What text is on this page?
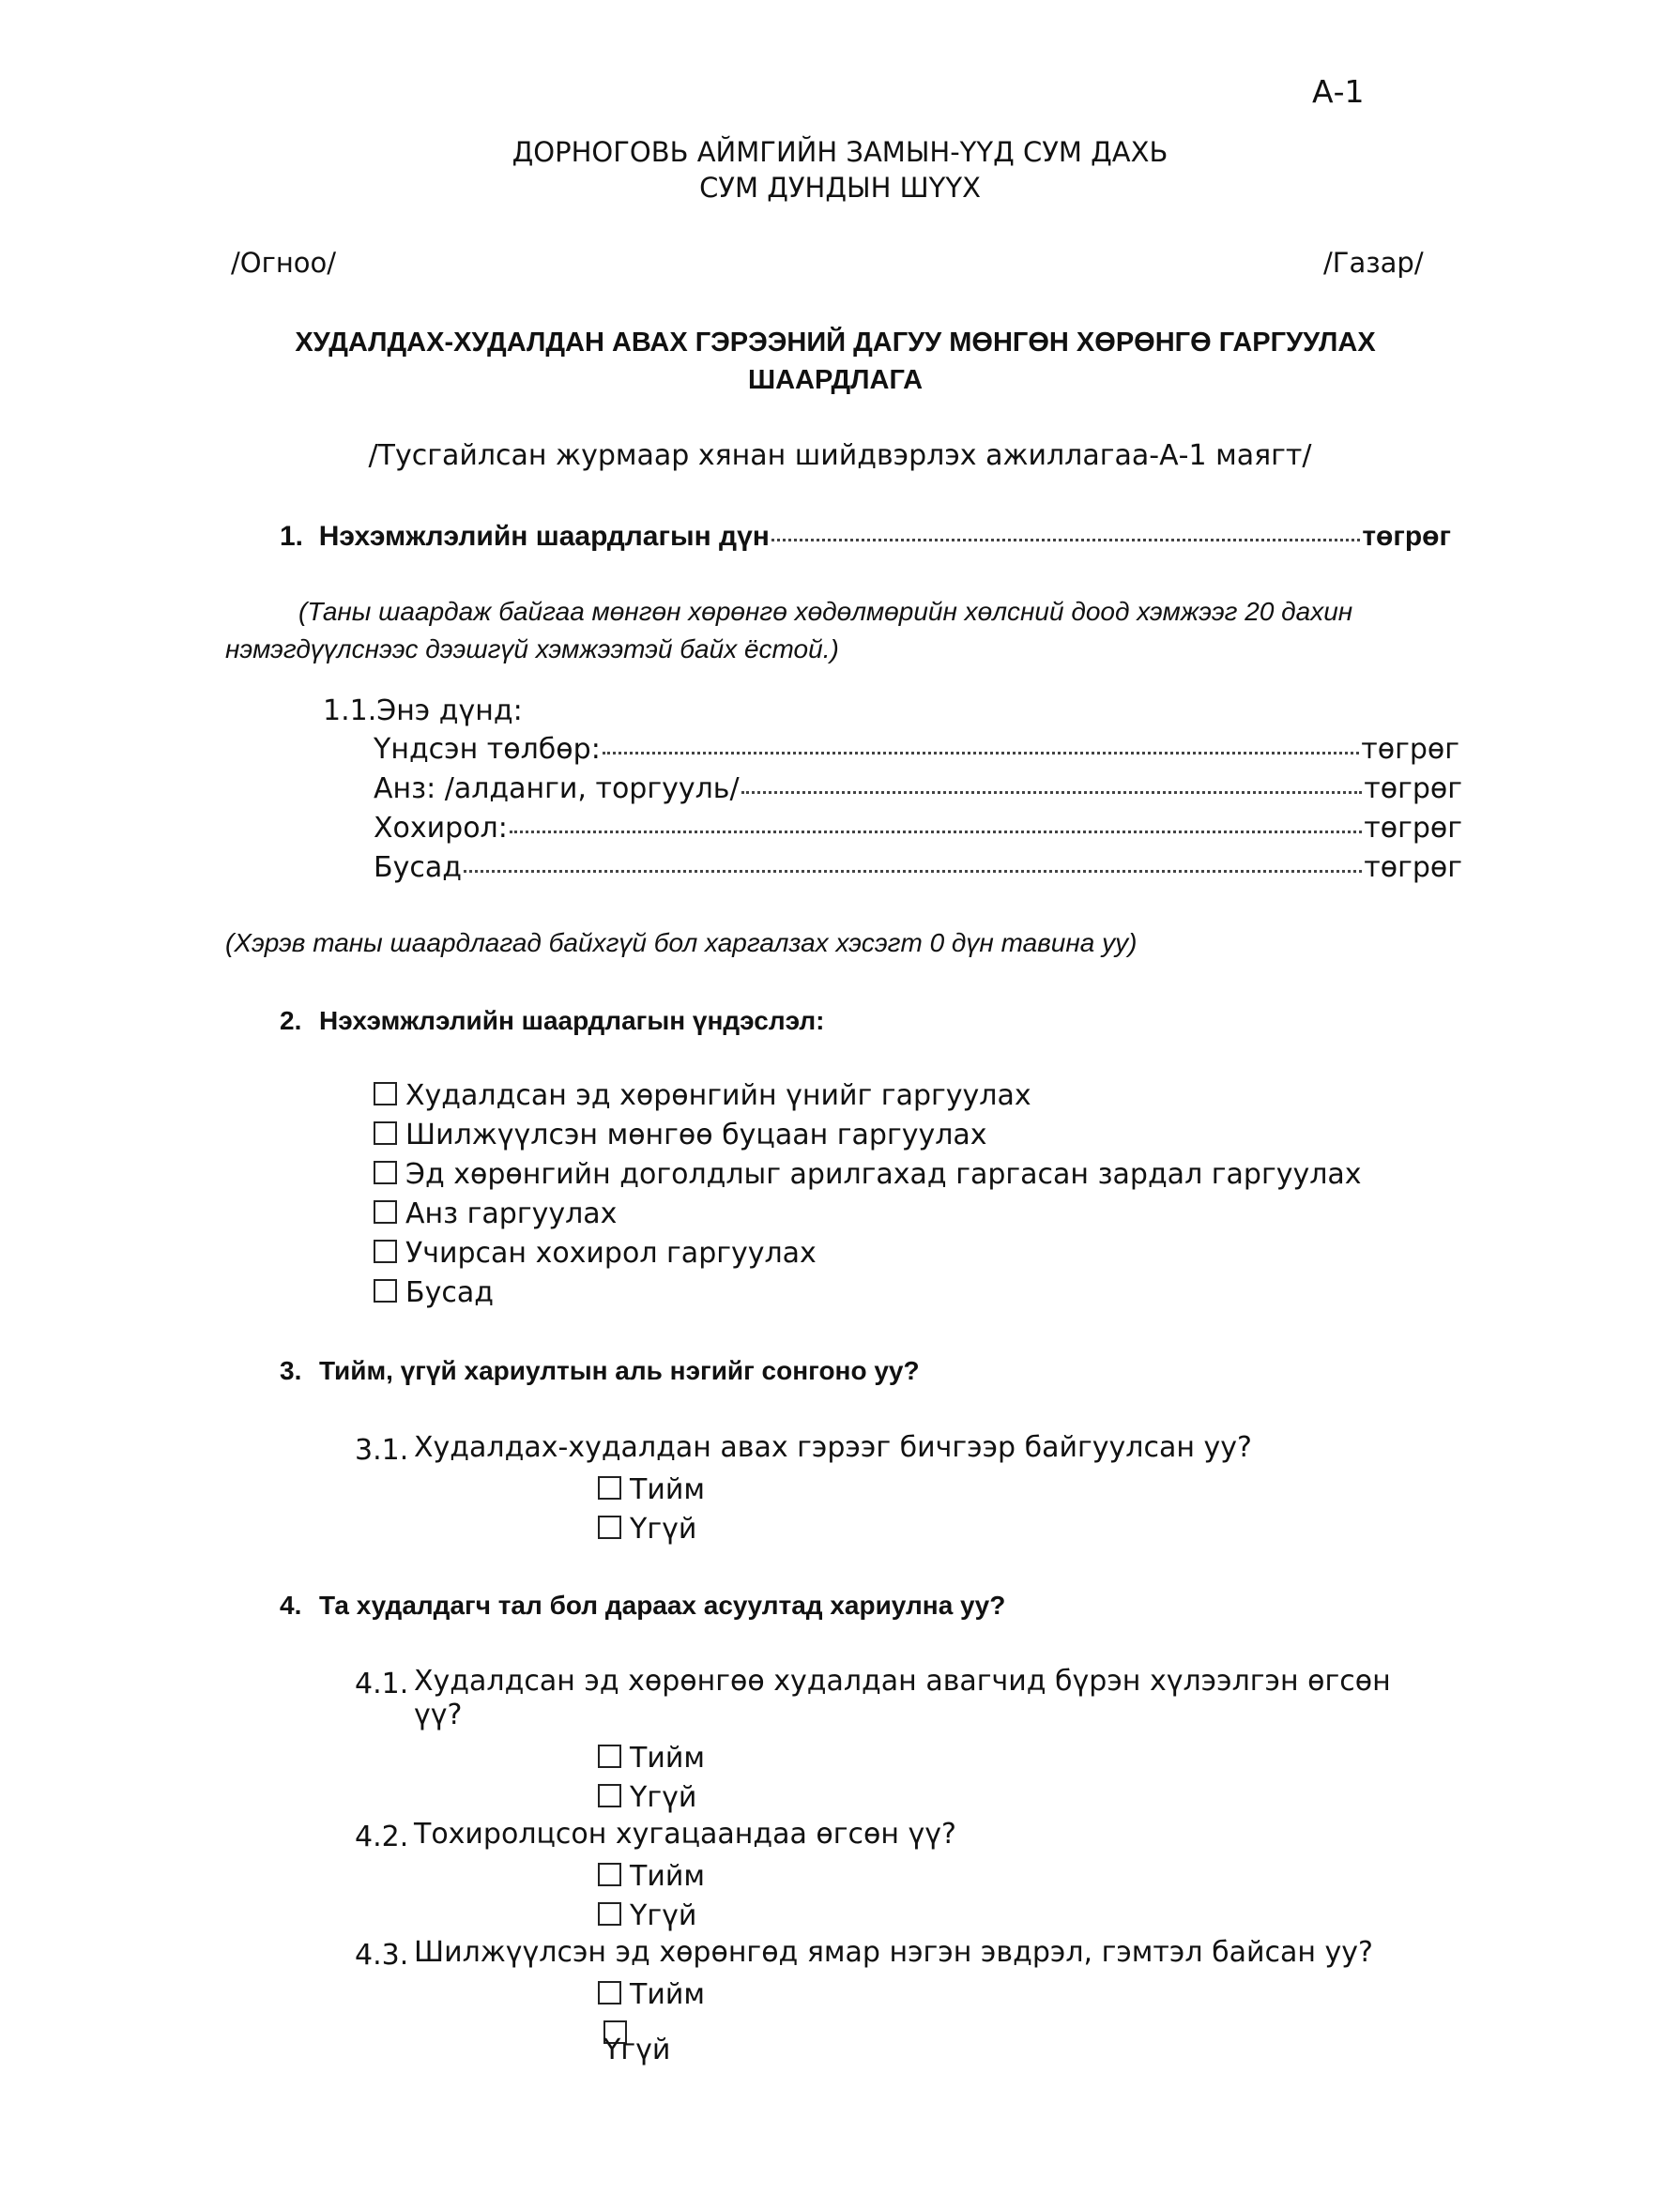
А-1
ДОРНОГОВЬ АЙМГИЙН ЗАМЫН-ҮҮД СУМ ДАХЬ
СУМ ДУНДЫН ШҮҮХ
/Огноо/	/Газар/
ХУДАЛДАХ-ХУДАЛДАН АВАХ ГЭРЭЭНИЙ ДАГУУ МӨНГӨН ХӨРӨНГӨ ГАРГУУЛАХ
ШААРДЛАГА
/Тусгайлсан журмаар хянан шийдвэрлэх ажиллагаа-А-1 маягт/
1. Нэхэмжлэлийн шаардлагын дүн	төгрөг
(Таны шаардаж байгаа мөнгөн хөрөнгө хөдөлмөрийн хөлсний доод хэмжээг 20 дахин
нэмэгдүүлснээс дээшгүй хэмжээтэй байх ёстой.)
1.1.Энэ дүнд:
Үндсэн төлбөр:	төгрөг
Анз: /алданги, торгууль/	төгрөг
Хохирол:	төгрөг
Бусад	төгрөг
(Хэрэв таны шаардлагад байхгүй бол харгалзах хэсэгт 0 дүн тавина уу)
2. Нэхэмжлэлийн шаардлагын үндэслэл:
Худалдсан эд хөрөнгийн үнийг гаргуулах
Шилжүүлсэн мөнгөө буцаан гаргуулах
Эд хөрөнгийн доголдлыг арилгахад гаргасан зардал гаргуулах
Анз гаргуулах
Учирсан хохирол гаргуулах
Бусад
3. Тийм, үгүй хариултын аль нэгийг сонгоно уу?
3.1. Худалдах-худалдан авах гэрээг бичгээр байгуулсан уу?
Тийм
Үгүй
4. Та худалдагч тал бол дараах асуултад хариулна уу?
4.1. Худалдсан эд хөрөнгөө худалдан авагчид бүрэн хүлээлгэн өгсөн
үү?
Тийм
Үгүй
4.2. Тохиролцсон хугацаандаа өгсөн үү?
Тийм
Үгүй
4.3. Шилжүүлсэн эд хөрөнгөд ямар нэгэн эвдрэл, гэмтэл байсан уу?
Тийм
Үгүй
